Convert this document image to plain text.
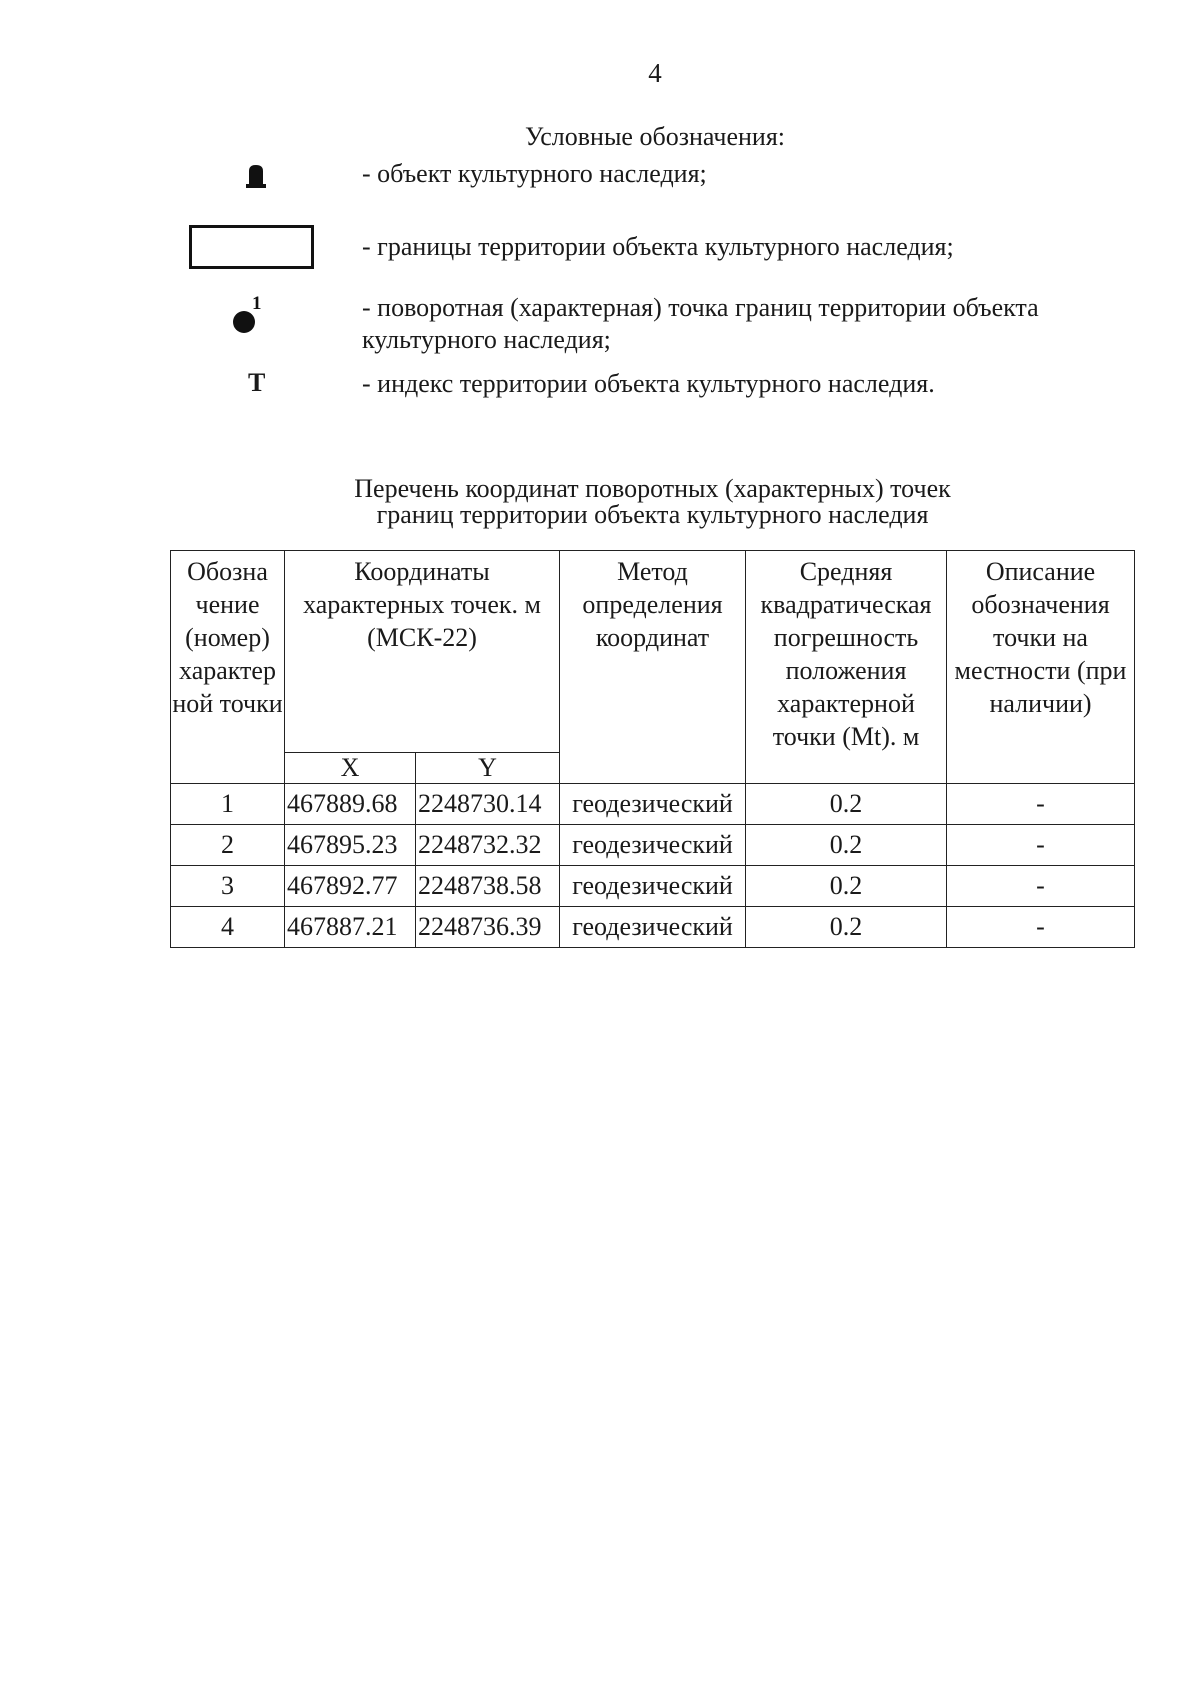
4
Условные обозначения:
- объект культурного наследия;
- границы территории объекта культурного наследия;
1	- поворотная (характерная) точка границ территории объекта культурного наследия;
Т	- индекс территории объекта культурного наследия.
Перечень координат поворотных (характерных) точек
границ территории объекта культурного наследия
Обозна чение (номер) характер ной точки	Координаты характерных точек. м (МСК-22)		Метод определения координат	Средняя квадратическая погрешность положения характерной точки (Mt). м	Описание обозначения точки на местности (при наличии)
	X	Y			
1	467889.68	2248730.14	геодезический	0.2	-
2	467895.23	2248732.32	геодезический	0.2	-
3	467892.77	2248738.58	геодезический	0.2	-
4	467887.21	2248736.39	геодезический	0.2	-
